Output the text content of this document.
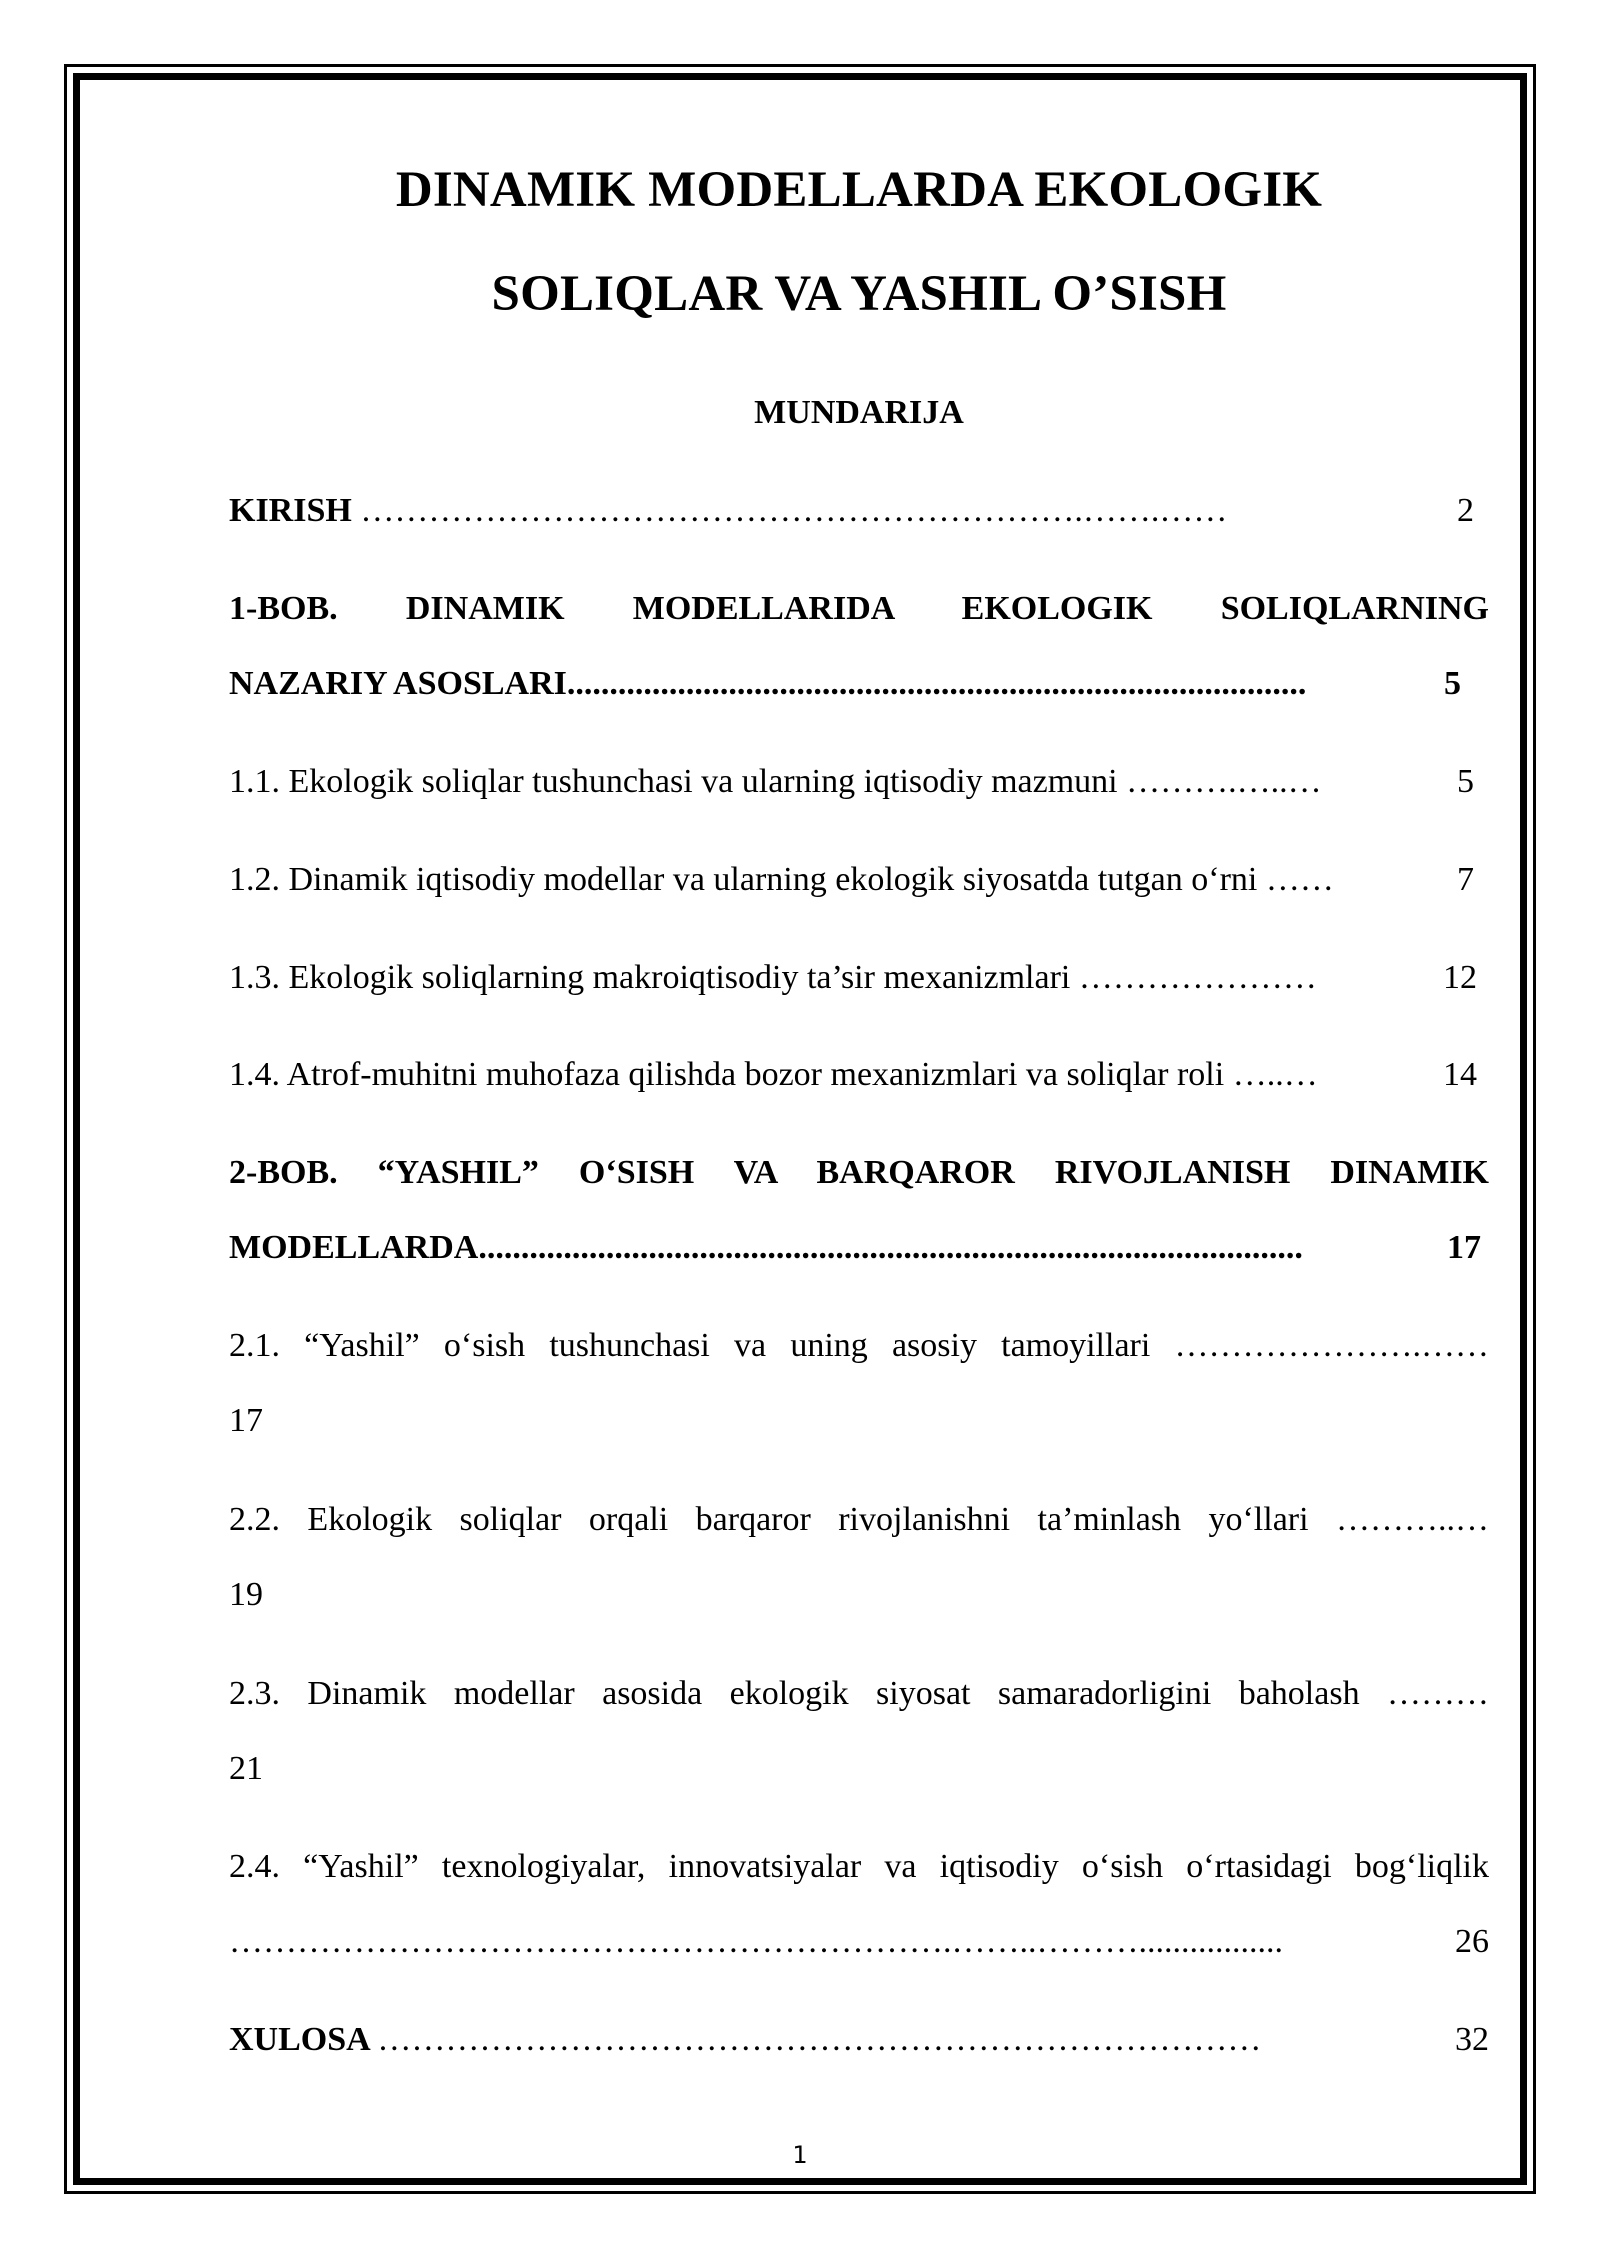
DINAMIK MODELLARDA EKOLOGIK
SOLIQLAR VA YASHIL O’SISH
MUNDARIJA
KIRISH ……………………………………………………….…….……	2
1-BOB. DINAMIK MODELLARIDA EKOLOGIK SOLIQLARNING
NAZARIY ASOSLARI .......................................................................................	5
1.1. Ekologik soliqlar tushunchasi va ularning iqtisodiy mazmuni ……….…..…	5
1.2. Dinamik iqtisodiy modellar va ularning ekologik siyosatda tutgan o‘rni ……	7
1.3. Ekologik soliqlarning makroiqtisodiy ta’sir mexanizmlari …………………	12
1.4. Atrof-muhitni muhofaza qilishda bozor mexanizmlari va soliqlar roli …..…	14
2-BOB. “YASHIL” O‘SISH VA BARQAROR RIVOJLANISH DINAMIK
MODELLARDA .................................................................................................	17
2.1. “Yashil” o‘sish tushunchasi va uning asosiy tamoyillari ………………….……
17
2.2. Ekologik soliqlar orqali barqaror rivojlanishni ta’minlash yo‘llari ………..…
19
2.3. Dinamik modellar asosida ekologik siyosat samaradorligini baholash ………
21
2.4. “Yashil” texnologiyalar, innovatsiyalar va iqtisodiy o‘sish o‘rtasidagi bog‘liqlik
……………………………………………………….……..……….................	26
XULOSA ……………………………………………………………………	32
1
